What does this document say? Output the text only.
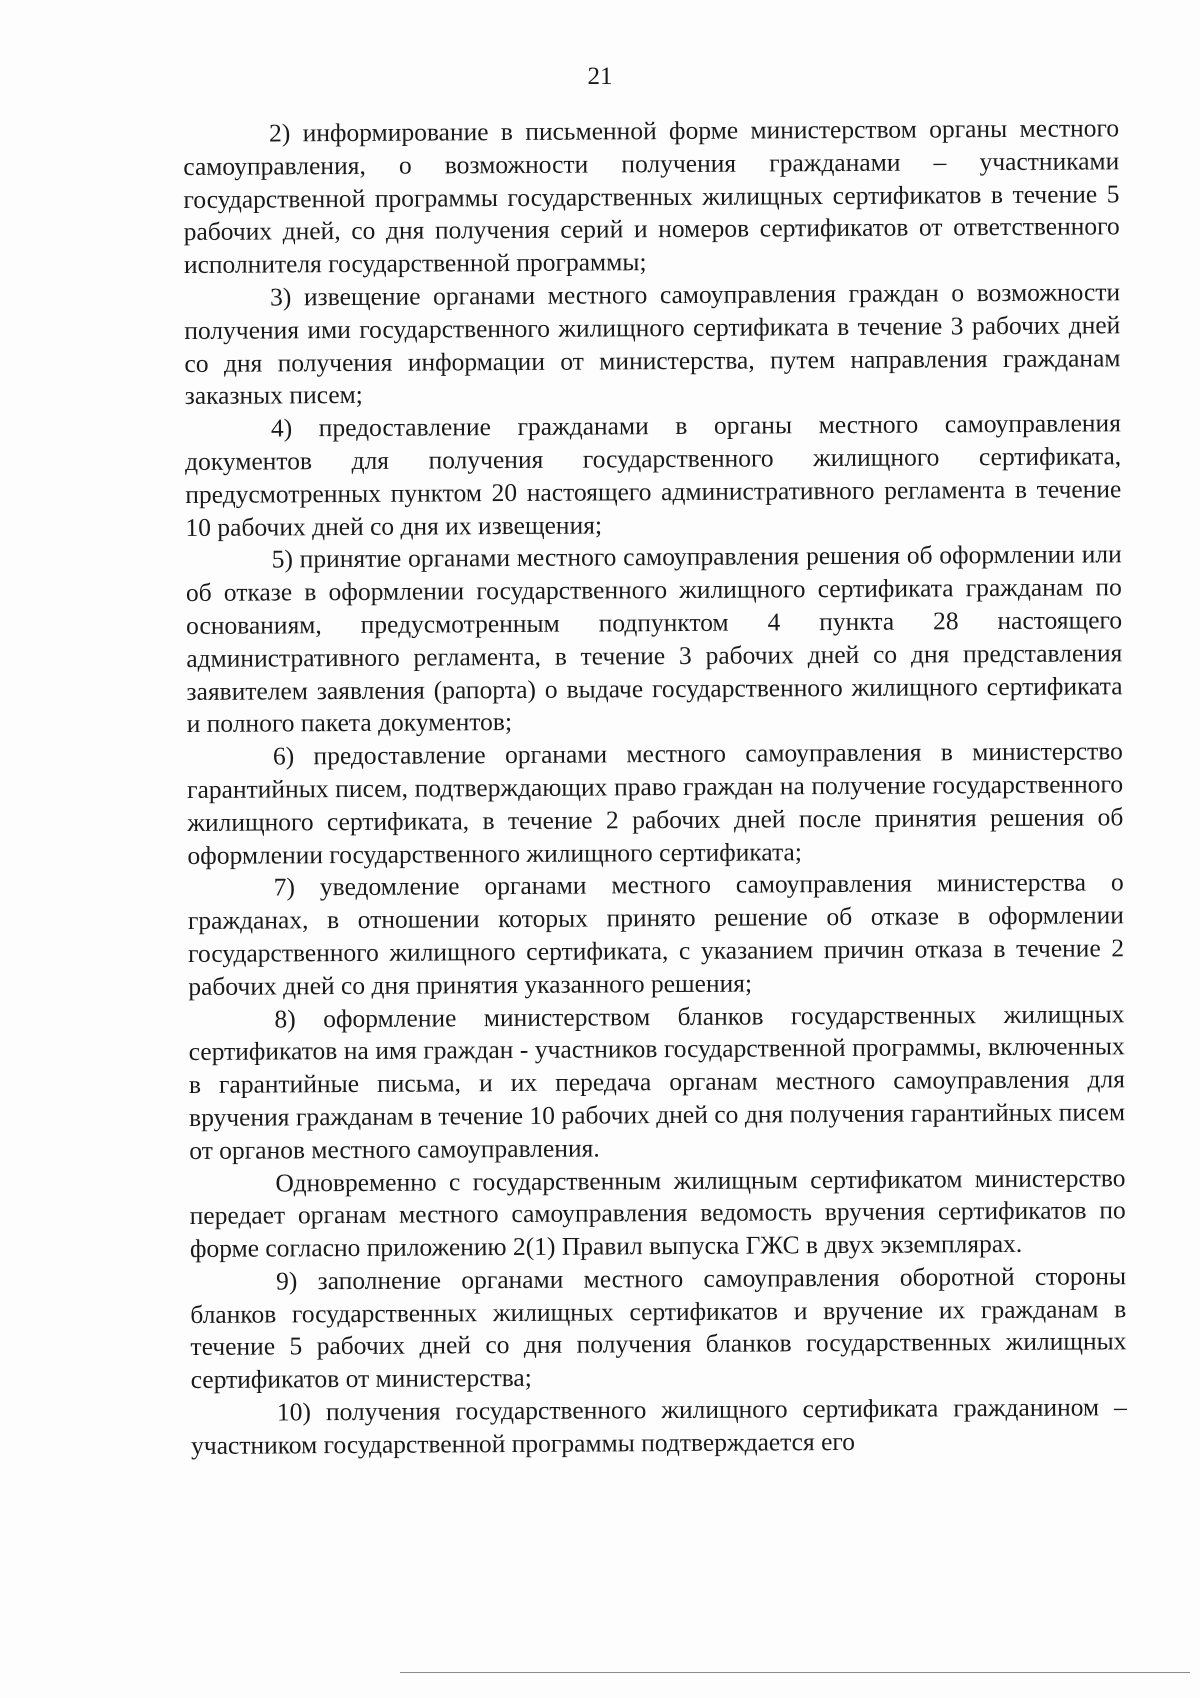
21

2) информирование в письменной форме министерством органы местного самоуправления, о возможности получения гражданами – участниками государственной программы государственных жилищных сертификатов в течение 5 рабочих дней, со дня получения серий и номеров сертификатов от ответственного исполнителя государственной программы;

3) извещение органами местного самоуправления граждан о возможности получения ими государственного жилищного сертификата в течение 3 рабочих дней со дня получения информации от министерства, путем направления гражданам заказных писем;

4) предоставление гражданами в органы местного самоуправления документов для получения государственного жилищного сертификата, предусмотренных пунктом 20 настоящего административного регламента в течение 10 рабочих дней со дня их извещения;

5) принятие органами местного самоуправления решения об оформлении или об отказе в оформлении государственного жилищного сертификата гражданам по основаниям, предусмотренным подпунктом 4 пункта 28 настоящего административного регламента, в течение 3 рабочих дней со дня представления заявителем заявления (рапорта) о выдаче государственного жилищного сертификата и полного пакета документов;

6) предоставление органами местного самоуправления в министерство гарантийных писем, подтверждающих право граждан на получение государственного жилищного сертификата, в течение 2 рабочих дней после принятия решения об оформлении государственного жилищного сертификата;

7) уведомление органами местного самоуправления министерства о гражданах, в отношении которых принято решение об отказе в оформлении государственного жилищного сертификата, с указанием причин отказа в течение 2 рабочих дней со дня принятия указанного решения;

8) оформление министерством бланков государственных жилищных сертификатов на имя граждан - участников государственной программы, включенных в гарантийные письма, и их передача органам местного самоуправления для вручения гражданам в течение 10 рабочих дней со дня получения гарантийных писем от органов местного самоуправления.

Одновременно с государственным жилищным сертификатом министерство передает органам местного самоуправления ведомость вручения сертификатов по форме согласно приложению 2(1) Правил выпуска ГЖС в двух экземплярах.

9) заполнение органами местного самоуправления оборотной стороны бланков государственных жилищных сертификатов и вручение их гражданам в течение 5 рабочих дней со дня получения бланков государственных жилищных сертификатов от министерства;

10) получения государственного жилищного сертификата гражданином – участником государственной программы подтверждается его
